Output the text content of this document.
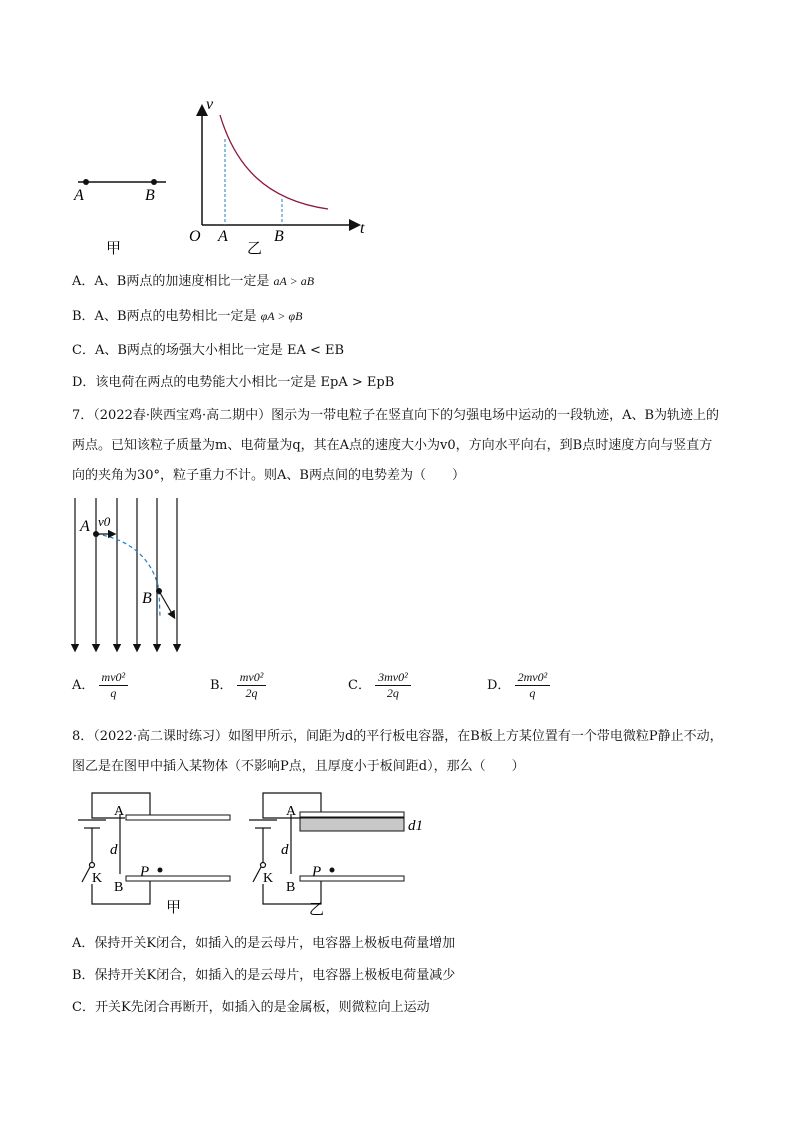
A	B
甲
v
t
O A	B
乙
A．A、B两点的加速度相比一定是 aA > aB
B．A、B两点的电势相比一定是 φA > φB
C．A、B两点的场强大小相比一定是 EA < EB
D．该电荷在两点的电势能大小相比一定是 EpA > EpB
7．（2022春·陕西宝鸡·高二期中）图示为一带电粒子在竖直向下的匀强电场中运动的一段轨迹，A、B为轨迹上的两点。已知该粒子质量为m、电荷量为q，其在A点的速度大小为v0，方向水平向右，到B点时速度方向与竖直方向的夹角为30°，粒子重力不计。则A、B两点间的电势差为（　　）
A v0
B
A． $\frac{\text{mv0²}}{q}$	B． $\frac{\text{mv0²}}{2q}$	C． $\frac{\text{3mv0²}}{2q}$	D． $\frac{\text{2mv0²}}{q}$
8．（2022·高二课时练习）如图甲所示，间距为d的平行板电容器，在B板上方某位置有一个带电微粒P静止不动，图乙是在图甲中插入某物体（不影响P点，且厚度小于板间距d），那么（　　）
A
B
d
K	P
甲
A
B
d
K	P
d1
乙
A．保持开关K闭合，如插入的是云母片，电容器上极板电荷量增加
B．保持开关K闭合，如插入的是云母片，电容器上极板电荷量减少
C．开关K先闭合再断开，如插入的是金属板，则微粒向上运动
